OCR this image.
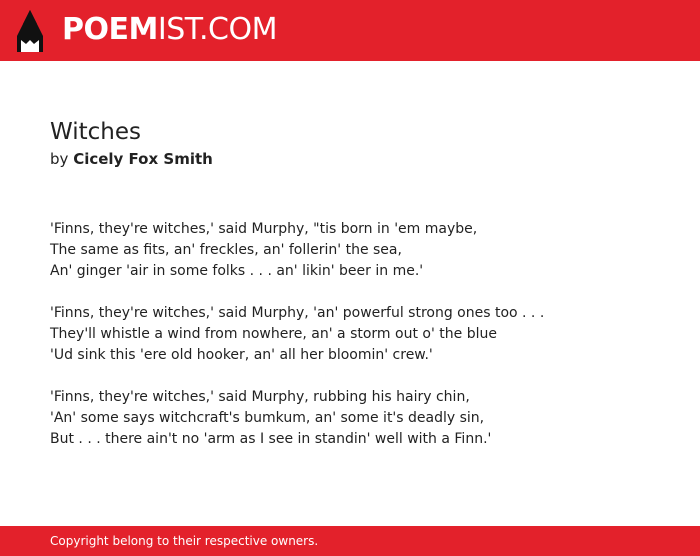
POEMIST.COM
Witches
by Cicely Fox Smith
'Finns, they're witches,' said Murphy, "tis born in 'em maybe,
The same as fits, an' freckles, an' follerin' the sea,
An' ginger 'air in some folks . . . an' likin' beer in me.'
'Finns, they're witches,' said Murphy, 'an' powerful strong ones too . . .
They'll whistle a wind from nowhere, an' a storm out o' the blue
'Ud sink this 'ere old hooker, an' all her bloomin' crew.'
'Finns, they're witches,' said Murphy, rubbing his hairy chin,
'An' some says witchcraft's bumkum, an' some it's deadly sin,
But . . . there ain't no 'arm as I see in standin' well with a Finn.'
Copyright belong to their respective owners.
